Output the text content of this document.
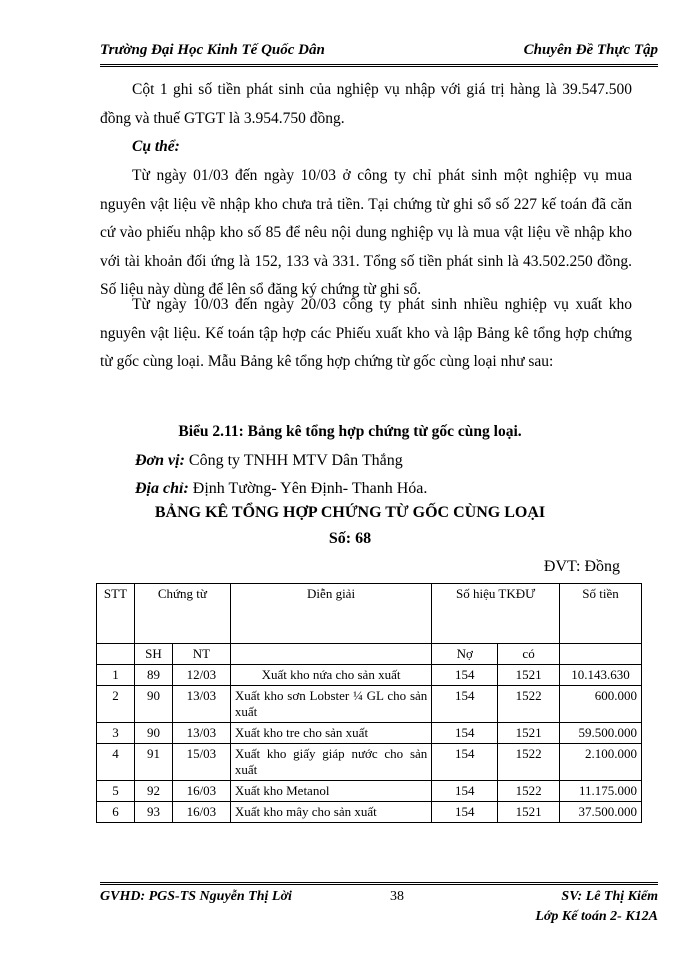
Trường Đại Học Kinh Tế Quốc Dân	Chuyên Đề Thực Tập

Cột 1 ghi số tiền phát sinh của nghiệp vụ nhập với giá trị hàng là 39.547.500 đồng và thuế GTGT là 3.954.750 đồng.

Cụ thể:

Từ ngày 01/03 đến ngày 10/03 ở công ty chỉ phát sinh một nghiệp vụ mua nguyên vật liệu về nhập kho chưa trả tiền. Tại chứng từ ghi sổ số 227 kế toán đã căn cứ vào phiếu nhập kho số 85 để nêu nội dung nghiệp vụ là mua vật liệu về nhập kho với tài khoản đối ứng là 152, 133 và 331. Tổng số tiền phát sinh là 43.502.250 đồng. Số liệu này dùng để lên sổ đăng ký chứng từ ghi sổ.

Từ ngày 10/03 đến ngày 20/03 công ty phát sinh nhiều nghiệp vụ xuất kho nguyên vật liệu. Kế toán tập hợp các Phiếu xuất kho và lập Bảng kê tổng hợp chứng từ gốc cùng loại. Mẫu Bảng kê tổng hợp chứng từ gốc cùng loại như sau:

Biểu 2.11: Bảng kê tổng hợp chứng từ gốc cùng loại.
Đơn vị: Công ty TNHH MTV Dân Thắng
Địa chỉ: Định Tường- Yên Định- Thanh Hóa.
BẢNG KÊ TỔNG HỢP CHỨNG TỪ GỐC CÙNG LOẠI
Số: 68
ĐVT: Đồng
STT	Chứng từ		Diễn giải	Số hiệu TKĐƯ		Số tiền
	SH	NT		Nợ	có	
1	89	12/03	Xuất kho nứa cho sản xuất	154	1521	10.143.630
2	90	13/03	Xuất kho sơn Lobster ¼ GL cho sản xuất	154	1522	600.000
3	90	13/03	Xuất kho tre cho sản xuất	154	1521	59.500.000
4	91	15/03	Xuất kho giấy giáp nước cho sản xuất	154	1522	2.100.000
5	92	16/03	Xuất kho Metanol	154	1522	11.175.000
6	93	16/03	Xuất kho mây cho sản xuất	154	1521	37.500.000
GVHD: PGS-TS Nguyễn Thị Lời	38	SV: Lê Thị Kiểm
Lớp Kế toán 2- K12A
